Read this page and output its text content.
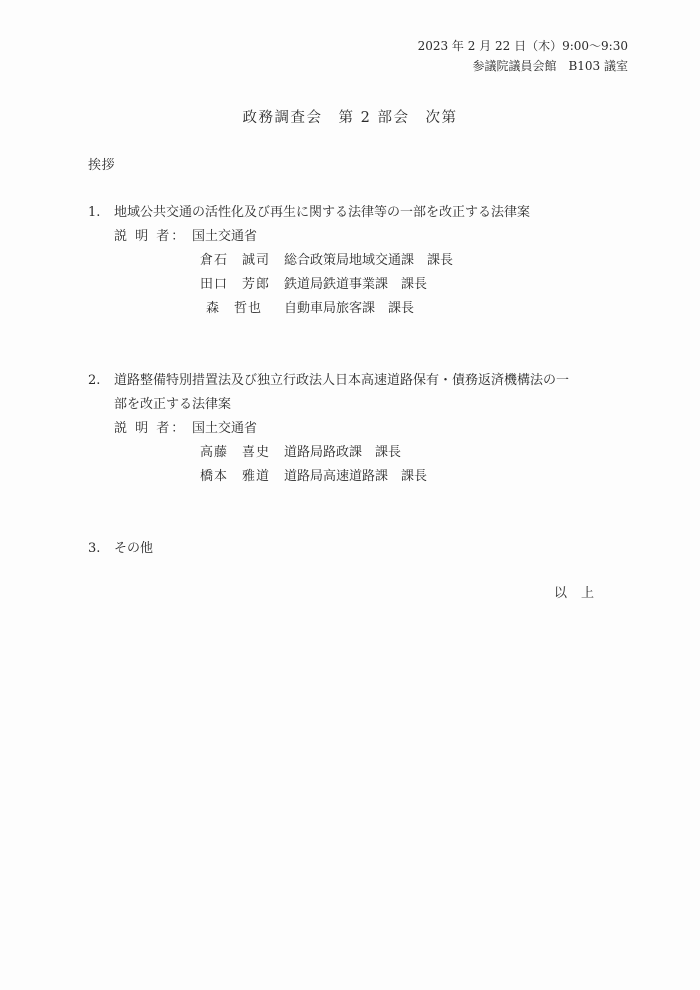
2023 年 2 月 22 日（木）9:00～9:30
参議院議員会館　B103 議室
政務調査会　第 2 部会　次第
挨拶
1. 地域公共交通の活性化及び再生に関する法律等の一部を改正する法律案
説 明 者： 国土交通省
倉石　誠司 総合政策局地域交通課　課長
田口　芳郎 鉄道局鉄道事業課　課長
森　哲也 自動車局旅客課　課長
2. 道路整備特別措置法及び独立行政法人日本高速道路保有・債務返済機構法の一
部を改正する法律案
説 明 者： 国土交通省
高藤　喜史 道路局路政課　課長
橋本　雅道 道路局高速道路課　課長
3. その他
以上
